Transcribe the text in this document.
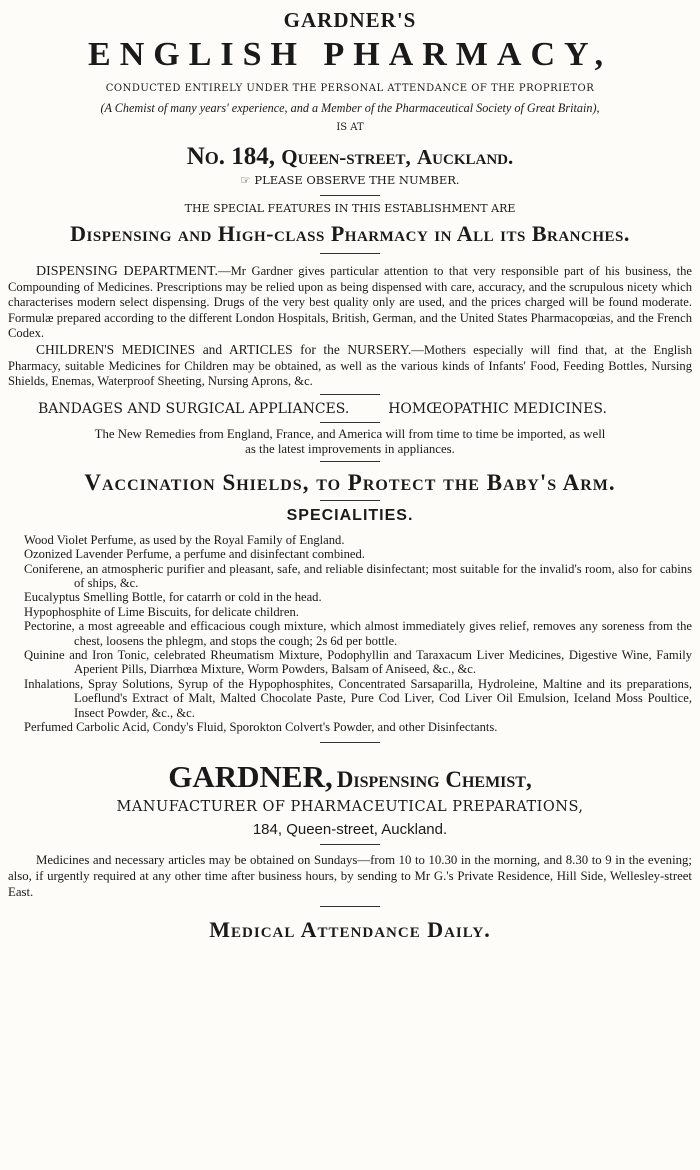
GARDNER'S
ENGLISH PHARMACY,
CONDUCTED ENTIRELY UNDER THE PERSONAL ATTENDANCE OF THE PROPRIETOR
(A Chemist of many years' experience, and a Member of the Pharmaceutical Society of Great Britain),
IS AT
No. 184, Queen-street, Auckland.
☞ PLEASE OBSERVE THE NUMBER.
THE SPECIAL FEATURES IN THIS ESTABLISHMENT ARE
Dispensing and High-class Pharmacy in All its Branches.
DISPENSING DEPARTMENT.—Mr Gardner gives particular attention to that very responsible part of his business, the Compounding of Medicines. Prescriptions may be relied upon as being dispensed with care, accuracy, and the scrupulous nicety which characterises modern select dispensing. Drugs of the very best quality only are used, and the prices charged will be found moderate. Formulæ prepared according to the different London Hospitals, British, German, and the United States Pharmacopœias, and the French Codex.
CHILDREN'S MEDICINES and ARTICLES for the NURSERY.—Mothers especially will find that, at the English Pharmacy, suitable Medicines for Children may be obtained, as well as the various kinds of Infants' Food, Feeding Bottles, Nursing Shields, Enemas, Waterproof Sheeting, Nursing Aprons, &c.
BANDAGES AND SURGICAL APPLIANCES.	HOMŒOPATHIC MEDICINES.
The New Remedies from England, France, and America will from time to time be imported, as well
as the latest improvements in appliances.
Vaccination Shields, to Protect the Baby's Arm.
SPECIALITIES.
Wood Violet Perfume, as used by the Royal Family of England.
Ozonized Lavender Perfume, a perfume and disinfectant combined.
Coniferene, an atmospheric purifier and pleasant, safe, and reliable disinfectant; most suitable for the invalid's room, also for cabins of ships, &c.
Eucalyptus Smelling Bottle, for catarrh or cold in the head.
Hypophosphite of Lime Biscuits, for delicate children.
Pectorine, a most agreeable and efficacious cough mixture, which almost immediately gives relief, removes any soreness from the chest, loosens the phlegm, and stops the cough; 2s 6d per bottle.
Quinine and Iron Tonic, celebrated Rheumatism Mixture, Podophyllin and Taraxacum Liver Medicines, Digestive Wine, Family Aperient Pills, Diarrhœa Mixture, Worm Powders, Balsam of Aniseed, &c., &c.
Inhalations, Spray Solutions, Syrup of the Hypophosphites, Concentrated Sarsaparilla, Hydroleine, Maltine and its preparations, Loeflund's Extract of Malt, Malted Chocolate Paste, Pure Cod Liver, Cod Liver Oil Emulsion, Iceland Moss Poultice, Insect Powder, &c., &c.
Perfumed Carbolic Acid, Condy's Fluid, Sporokton Colvert's Powder, and other Disinfectants.
GARDNER, Dispensing Chemist,
MANUFACTURER OF PHARMACEUTICAL PREPARATIONS,
184, Queen-street, Auckland.
Medicines and necessary articles may be obtained on Sundays—from 10 to 10.30 in the morning, and 8.30 to 9 in the evening; also, if urgently required at any other time after business hours, by sending to Mr G.'s Private Residence, Hill Side, Wellesley-street East.
Medical Attendance Daily.
